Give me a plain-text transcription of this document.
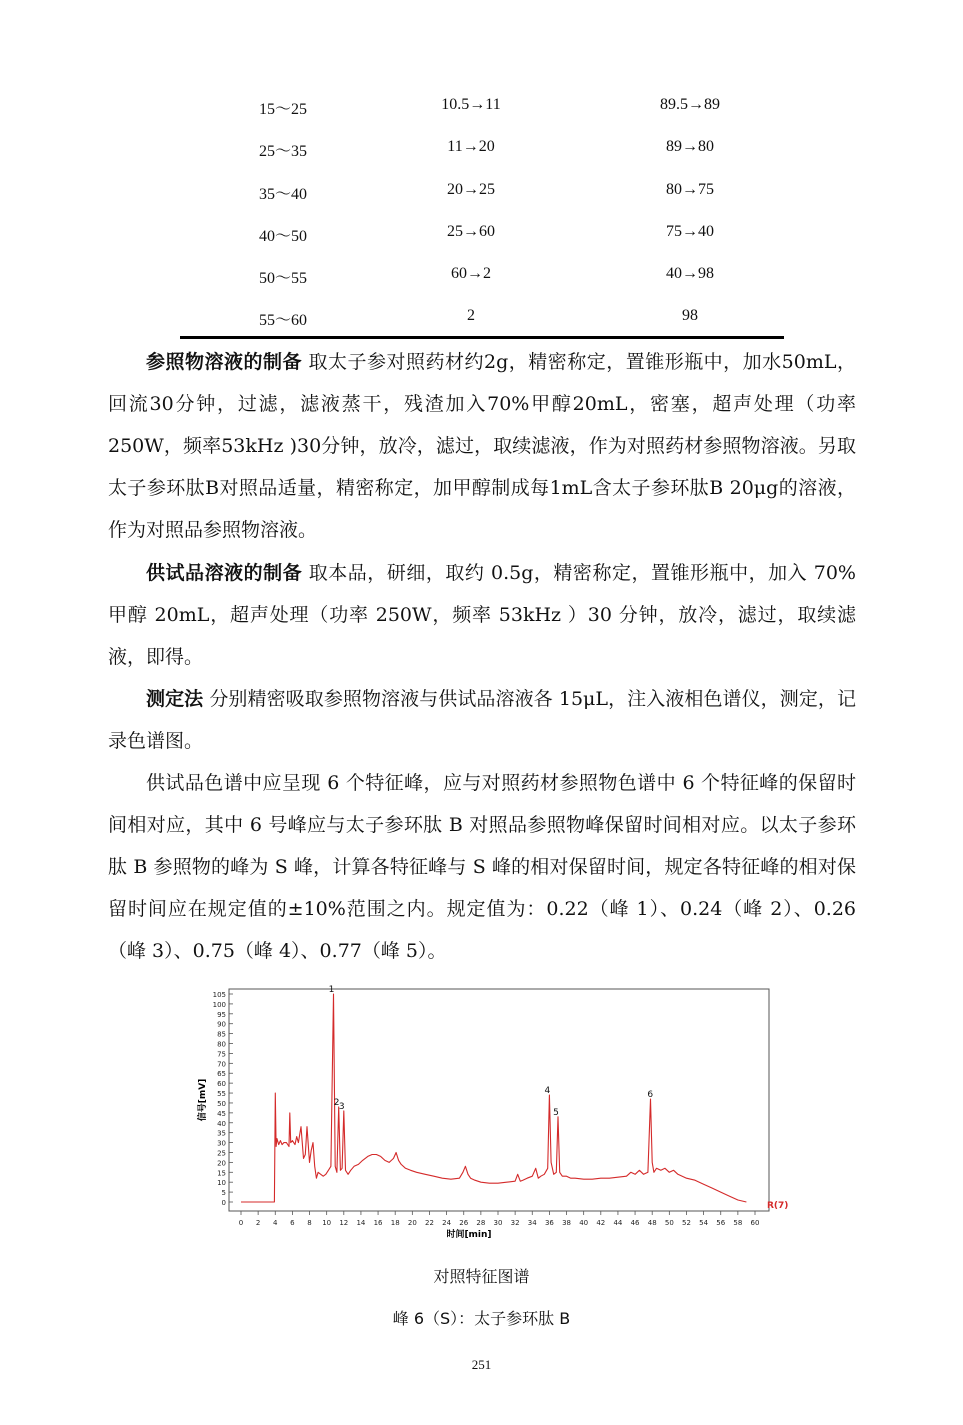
15～25	10.5→11	89.5→89
25～35	11→20	89→80
35～40	20→25	80→75
40～50	25→60	75→40
50～55	60→2	40→98
55～60	2	98
参照物溶液的制备 取太子参对照药材约2g，精密称定，置锥形瓶中，加水50mL，回流30分钟，过滤，滤液蒸干，残渣加入70%甲醇20mL，密塞，超声处理（功率250W，频率53kHz )30分钟，放冷，滤过，取续滤液，作为对照药材参照物溶液。另取太子参环肽B对照品适量，精密称定，加甲醇制成每1mL含太子参环肽B 20μg的溶液，作为对照品参照物溶液。
供试品溶液的制备 取本品，研细，取约 0.5g，精密称定，置锥形瓶中，加入 70%甲醇 20mL，超声处理（功率 250W，频率 53kHz ）30 分钟，放冷，滤过，取续滤液，即得。
测定法 分别精密吸取参照物溶液与供试品溶液各 15μL，注入液相色谱仪，测定，记录色谱图。
供试品色谱中应呈现 6 个特征峰，应与对照药材参照物色谱中 6 个特征峰的保留时间相对应，其中 6 号峰应与太子参环肽 B 对照品参照物峰保留时间相对应。以太子参环肽 B 参照物的峰为 S 峰，计算各特征峰与 S 峰的相对保留时间，规定各特征峰的相对保留时间应在规定值的±10%范围之内。规定值为：0.22（峰 1）、0.24（峰 2）、0.26（峰 3）、0.75（峰 4）、0.77（峰 5）。
0
5
10
15
20
25
30
35
40
45
50
55
60
65
70
75
80
85
90
95
100
105
0 2 4 6 8 10 12 14 16 18 20 22 24 26 28 30 32 34 36 38 40 42 44 46 48 50 52 54 56 58 60
1
2 3
4
5
6
信号[mV]
时间[min]
R(7)
对照特征图谱
峰 6（S）：太子参环肽 B
251
